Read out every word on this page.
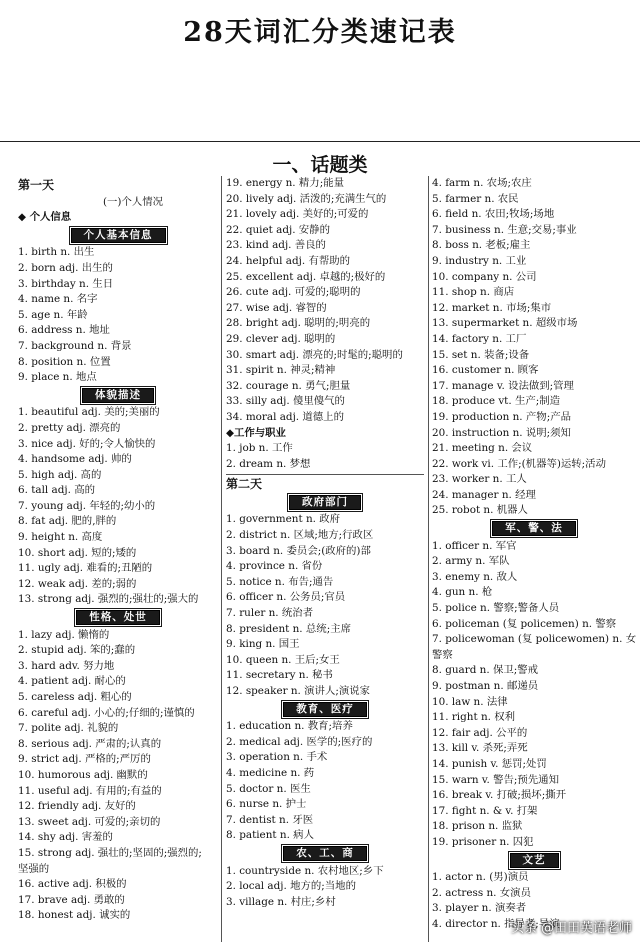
28天词汇分类速记表
一、话题类
第一天
(一)个人情况
◆ 个人信息
个人基本信息
1. birth n. 出生
2. born adj. 出生的
3. birthday n. 生日
4. name n. 名字
5. age n. 年龄
6. address n. 地址
7. background n. 背景
8. position n. 位置
9. place n. 地点
体貌描述
1. beautiful adj. 美的;美丽的
2. pretty adj. 漂亮的
3. nice adj. 好的;令人愉快的
4. handsome adj. 帅的
5. high adj. 高的
6. tall adj. 高的
7. young adj. 年轻的;幼小的
8. fat adj. 肥的,胖的
9. height n. 高度
10. short adj. 短的;矮的
11. ugly adj. 难看的;丑陋的
12. weak adj. 差的;弱的
13. strong adj. 强烈的;强壮的;强大的
性格、处世
1. lazy adj. 懒惰的
2. stupid adj. 笨的;蠢的
3. hard adv. 努力地
4. patient adj. 耐心的
5. careless adj. 粗心的
6. careful adj. 小心的;仔细的;谨慎的
7. polite adj. 礼貌的
8. serious adj. 严肃的;认真的
9. strict adj. 严格的;严厉的
10. humorous adj. 幽默的
11. useful adj. 有用的;有益的
12. friendly adj. 友好的
13. sweet adj. 可爱的;亲切的
14. shy adj. 害羞的
15. strong adj. 强壮的;坚固的;强烈的;
坚强的
16. active adj. 积极的
17. brave adj. 勇敢的
18. honest adj. 诚实的
19. energy n. 精力;能量
20. lively adj. 活泼的;充满生气的
21. lovely adj. 美好的;可爱的
22. quiet adj. 安静的
23. kind adj. 善良的
24. helpful adj. 有帮助的
25. excellent adj. 卓越的;极好的
26. cute adj. 可爱的;聪明的
27. wise adj. 睿智的
28. bright adj. 聪明的;明亮的
29. clever adj. 聪明的
30. smart adj. 漂亮的;时髦的;聪明的
31. spirit n. 神灵;精神
32. courage n. 勇气;胆量
33. silly adj. 傻里傻气的
34. moral adj. 道德上的
◆工作与职业
1. job n. 工作
2. dream n. 梦想
第二天
政府部门
1. government n. 政府
2. district n. 区域;地方;行政区
3. board n. 委员会;(政府的)部
4. province n. 省份
5. notice n. 布告;通告
6. officer n. 公务员;官员
7. ruler n. 统治者
8. president n. 总统;主席
9. king n. 国王
10. queen n. 王后;女王
11. secretary n. 秘书
12. speaker n. 演讲人;演说家
教育、医疗
1. education n. 教育;培养
2. medical adj. 医学的;医疗的
3. operation n. 手术
4. medicine n. 药
5. doctor n. 医生
6. nurse n. 护士
7. dentist n. 牙医
8. patient n. 病人
农、工、商
1. countryside n. 农村地区;乡下
2. local adj. 地方的;当地的
3. village n. 村庄;乡村
4. farm n. 农场;农庄
5. farmer n. 农民
6. field n. 农田;牧场;场地
7. business n. 生意;交易;事业
8. boss n. 老板;雇主
9. industry n. 工业
10. company n. 公司
11. shop n. 商店
12. market n. 市场;集市
13. supermarket n. 超级市场
14. factory n. 工厂
15. set n. 装备;设备
16. customer n. 顾客
17. manage v. 设法做到;管理
18. produce vt. 生产;制造
19. production n. 产物;产品
20. instruction n. 说明;须知
21. meeting n. 会议
22. work vi. 工作;(机器等)运转;活动
23. worker n. 工人
24. manager n. 经理
25. robot n. 机器人
军、警、法
1. officer n. 军官
2. army n. 军队
3. enemy n. 敌人
4. gun n. 枪
5. police n. 警察;警备人员
6. policeman (复 policemen) n. 警察
7. policewoman (复 policewomen) n. 女
警察
8. guard n. 保卫;警戒
9. postman n. 邮递员
10. law n. 法律
11. right n. 权利
12. fair adj. 公平的
13. kill v. 杀死;弄死
14. punish v. 惩罚;处罚
15. warn v. 警告;预先通知
16. break v. 打破;损坏;撕开
17. fight n. & v. 打架
18. prison n. 监狱
19. prisoner n. 囚犯
文艺
1. actor n. (男)演员
2. actress n. 女演员
3. player n. 演奏者
4. director n. 指导者;导演
头条 @田田英语老师
